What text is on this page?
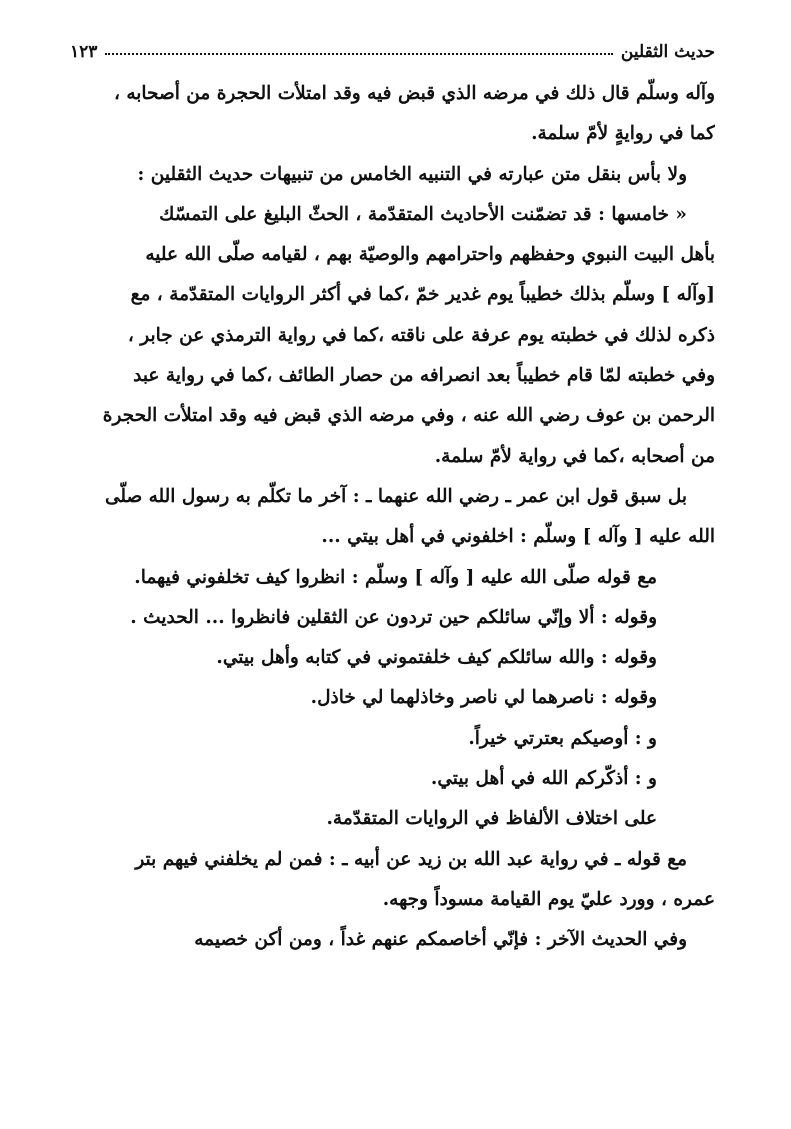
حديث الثقلين
١٢٣
وآله وسلّم قال ذلك في مرضه الذي قبض فيه وقد امتلأت الحجرة من أصحابه ،
كما في روايةٍ لأمّ سلمة.
ولا بأس بنقل متن عبارته في التنبيه الخامس من تنبيهات حديث الثقلين :
« خامسها : قد تضمّنت الأحاديث المتقدّمة ، الحثّ البليغ على التمسّك
بأهل البيت النبوي وحفظهم واحترامهم والوصيّة بهم ، لقيامه صلّى الله عليه
[وآله ] وسلّم بذلك خطيباً يوم غدير خمّ ،كما في أكثر الروايات المتقدّمة ، مع
ذكره لذلك في خطبته يوم عرفة على ناقته ،كما في رواية الترمذي عن جابر ،
وفي خطبته لمّا قام خطيباً بعد انصرافه من حصار الطائف ،كما في رواية عبد
الرحمن بن عوف رضي الله عنه ، وفي مرضه الذي قبض فيه وقد امتلأت الحجرة
من أصحابه ،كما في رواية لأمّ سلمة.
بل سبق قول ابن عمر ـ رضي الله عنهما ـ : آخر ما تكلّم به رسول الله صلّى
الله عليه [ وآله ] وسلّم : اخلفوني في أهل بيتي ...
مع قوله صلّى الله عليه [ وآله ] وسلّم : انظروا كيف تخلفوني فيهما.
وقوله : ألا وإنّي سائلكم حين تردون عن الثقلين فانظروا ... الحديث .
وقوله : والله سائلكم كيف خلفتموني في كتابه وأهل بيتي.
وقوله : ناصرهما لي ناصر وخاذلهما لي خاذل.
و : أوصيكم بعترتي خيراً.
و : أذكّركم الله في أهل بيتي.
على اختلاف الألفاظ في الروايات المتقدّمة.
مع قوله ـ في رواية عبد الله بن زيد عن أبيه ـ : فمن لم يخلفني فيهم بتر
عمره ، وورد عليّ يوم القيامة مسوداً وجهه.
وفي الحديث الآخر : فإنّي أخاصمكم عنهم غداً ، ومن أكن خصيمه
